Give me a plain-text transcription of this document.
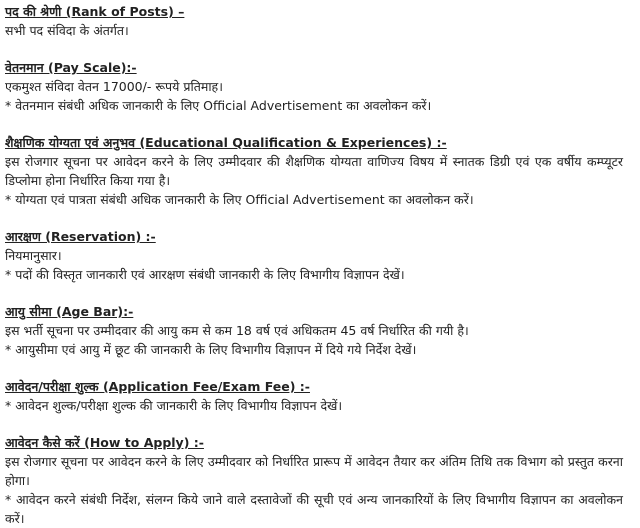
पद की श्रेणी (Rank of Posts) –

सभी पद संविदा के अंतर्गत।

वेतनमान (Pay Scale):-

एकमुश्त संविदा वेतन 17000/- रूपये प्रतिमाह।

* वेतनमान संबंधी अधिक जानकारी के लिए Official Advertisement का अवलोकन करें।

शैक्षणिक योग्यता एवं अनुभव (Educational Qualification & Experiences) :-

इस रोजगार सूचना पर आवेदन करने के लिए उम्मीदवार की शैक्षणिक योग्यता वाणिज्य विषय में स्नातक डिग्री एवं एक वर्षीय कम्प्यूटर डिप्लोमा होना निर्धारित किया गया है।

* योग्यता एवं पात्रता संबंधी अधिक जानकारी के लिए Official Advertisement का अवलोकन करें।

आरक्षण (Reservation) :-

नियमानुसार।

* पदों की विस्तृत जानकारी एवं आरक्षण संबंधी जानकारी के लिए विभागीय विज्ञापन देखें।

आयु सीमा (Age Bar):-

इस भर्ती सूचना पर उम्मीदवार की आयु कम से कम 18 वर्ष एवं अधिकतम 45 वर्ष निर्धारित की गयी है।

* आयुसीमा एवं आयु में छूट की जानकारी के लिए विभागीय विज्ञापन में दिये गये निर्देश देखें।

आवेदन/परीक्षा शुल्क (Application Fee/Exam Fee) :-

* आवेदन शुल्क/परीक्षा शुल्क की जानकारी के लिए विभागीय विज्ञापन देखें।

आवेदन कैसे करें (How to Apply) :-

इस रोजगार सूचना पर आवेदन करने के लिए उम्मीदवार को निर्धारित प्रारूप में आवेदन तैयार कर अंतिम तिथि तक विभाग को प्रस्तुत करना होगा।

* आवेदन करने संबंधी निर्देश, संलग्न किये जाने वाले दस्तावेजों की सूची एवं अन्य जानकारियों के लिए विभागीय विज्ञापन का अवलोकन करें।
